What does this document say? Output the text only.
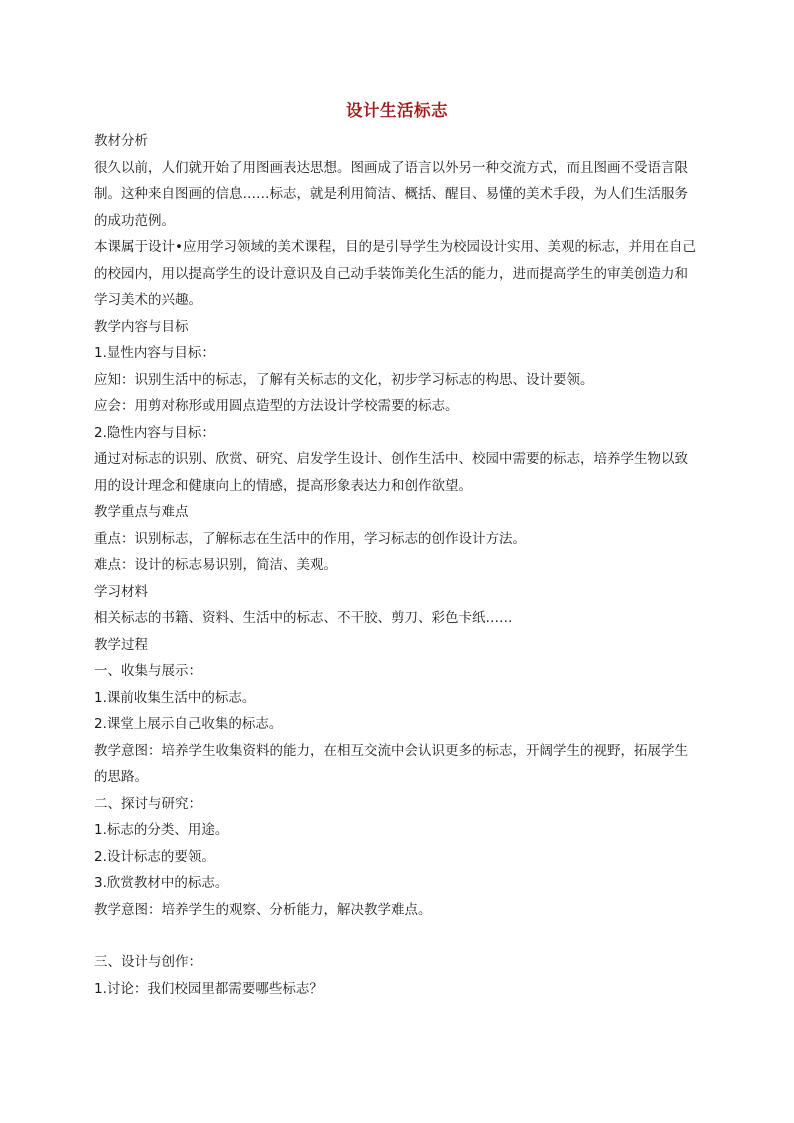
设计生活标志

教材分析

很久以前，人们就开始了用图画表达思想。图画成了语言以外另一种交流方式，而且图画不受语言限制。这种来自图画的信息……标志，就是利用简洁、概括、醒目、易懂的美术手段，为人们生活服务的成功范例。

本课属于设计•应用学习领域的美术课程，目的是引导学生为校园设计实用、美观的标志，并用在自己的校园内，用以提高学生的设计意识及自己动手装饰美化生活的能力，进而提高学生的审美创造力和学习美术的兴趣。

教学内容与目标

1.显性内容与目标：

应知：识别生活中的标志，了解有关标志的文化，初步学习标志的构思、设计要领。

应会：用剪对称形或用圆点造型的方法设计学校需要的标志。

2.隐性内容与目标：

通过对标志的识别、欣赏、研究、启发学生设计、创作生活中、校园中需要的标志，培养学生物以致用的设计理念和健康向上的情感，提高形象表达力和创作欲望。

教学重点与难点

重点：识别标志，了解标志在生活中的作用，学习标志的创作设计方法。

难点：设计的标志易识别，简洁、美观。

学习材料

相关标志的书籍、资料、生活中的标志、不干胶、剪刀、彩色卡纸……

教学过程

一、收集与展示：

1.课前收集生活中的标志。

2.课堂上展示自己收集的标志。

教学意图：培养学生收集资料的能力，在相互交流中会认识更多的标志，开阔学生的视野，拓展学生的思路。

二、探讨与研究：

1.标志的分类、用途。

2.设计标志的要领。

3.欣赏教材中的标志。

教学意图：培养学生的观察、分析能力，解决教学难点。

三、设计与创作：

1.讨论：我们校园里都需要哪些标志？
